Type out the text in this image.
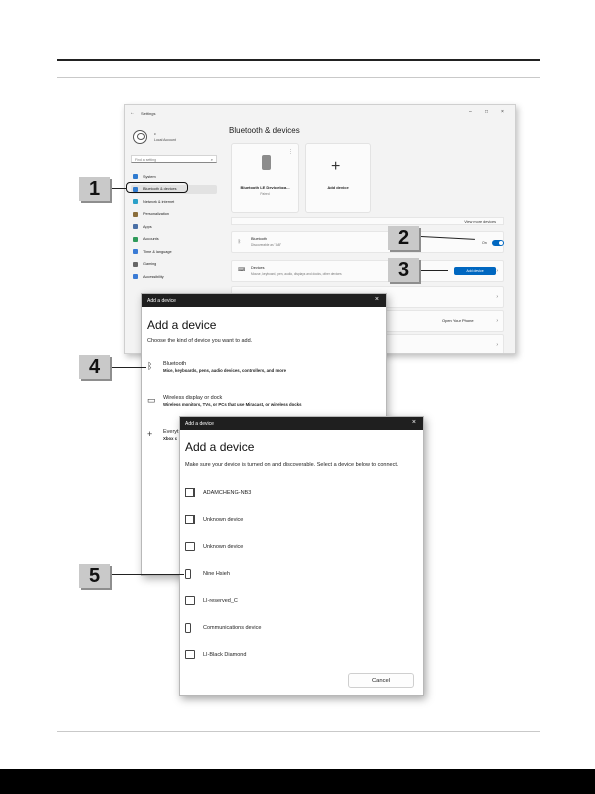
← Settings	–	□	×
c
Local Account
Find a setting	⌕
Bluetooth & devices
⋮
Bluetooth LE Devicebca...
Paired
+
Add device
View more devices
ᛒ	Bluetooth
Discoverable as "AB"
On
⌨ Devices
Mouse, keyboard, pen, audio, displays and docks, other devices
Add device	›
›
Open Your Phone	›
›
System
Bluetooth & devices
Network & internet
Personalization
Apps
Accounts
Time & language
Gaming
Accessibility
Add a device	×
Add a device
Choose the kind of device you want to add.
ᛒ Bluetooth
Mice, keyboards, pens, audio devices, controllers, and more
▭ Wireless display or dock
Wireless monitors, TVs, or PCs that use Miracast, or wireless docks
+ Everyt
Xbox c
Add a device	×
Add a device
Make sure your device is turned on and discoverable. Select a device below to connect.
Cancel
ADAMCHENG-NB3
Unknown device
Unknown device
Nine Hsieh
LI-reserved_C
Communications device
LI-Black Diamond
1
2
3
4
5
